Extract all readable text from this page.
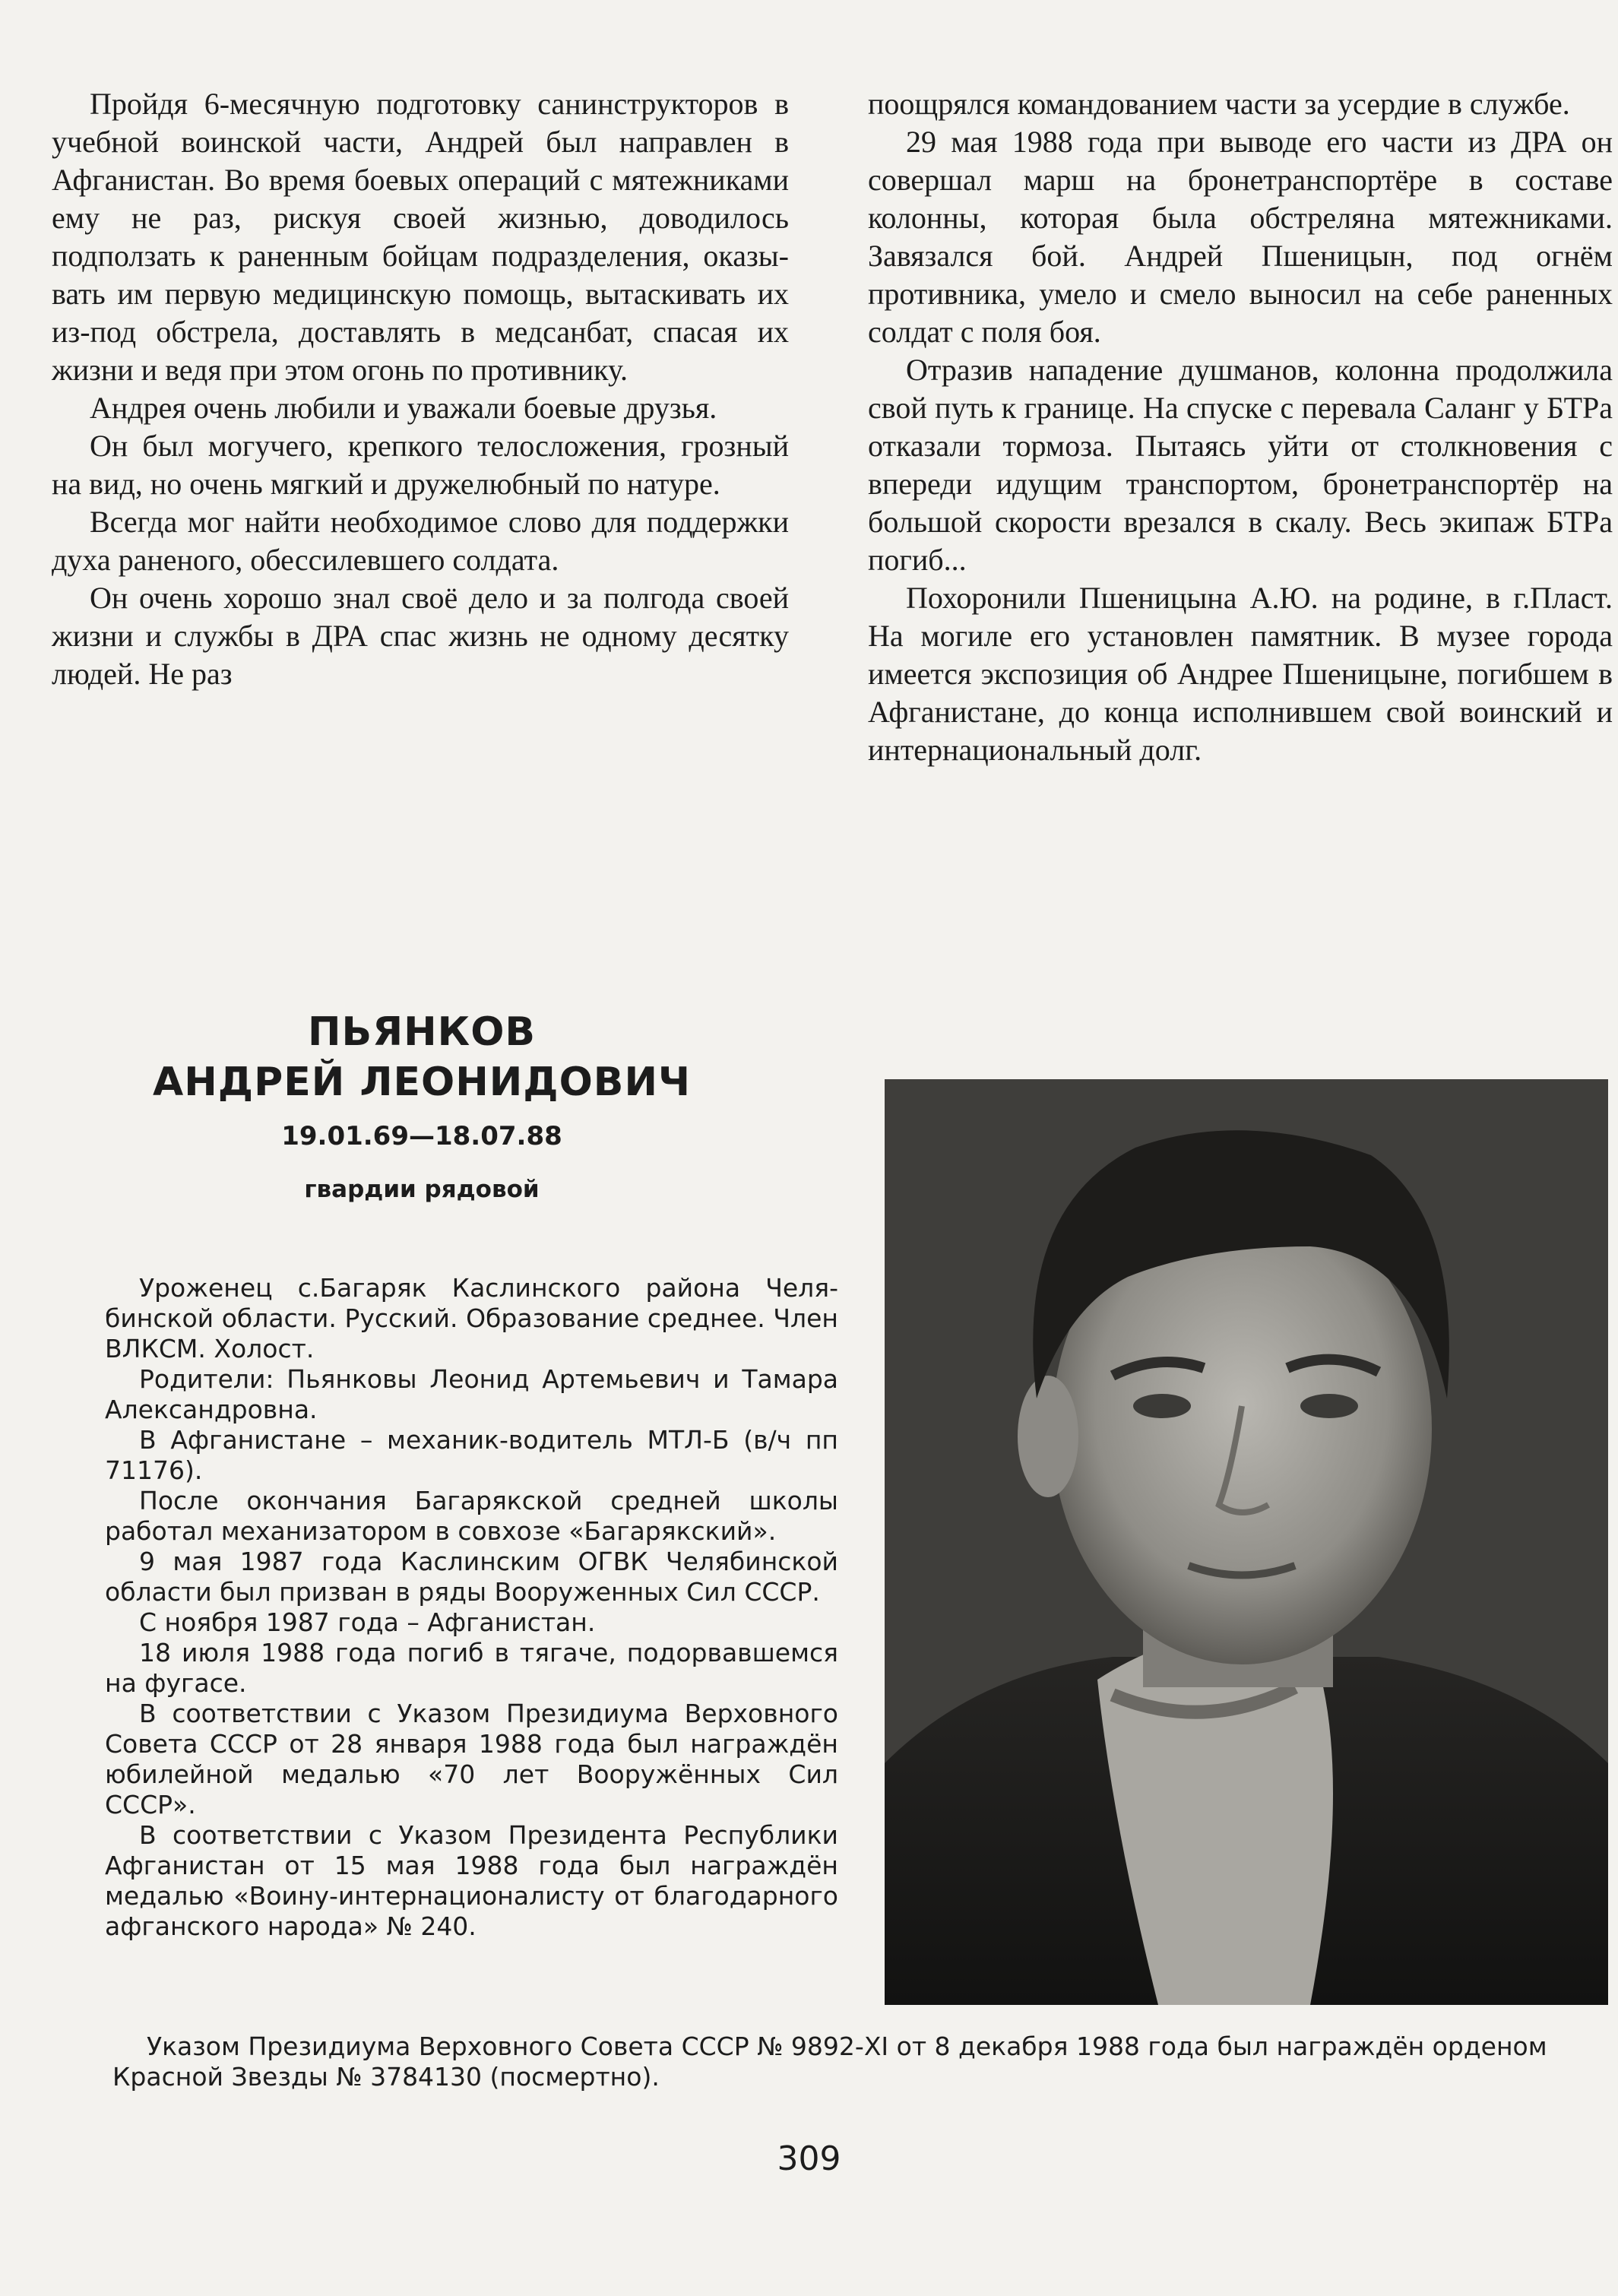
Пройдя 6-месячную подготовку санинструкторов в учебной воинской части, Андрей был направлен в Афганистан. Во время боевых операций с мятежниками ему не раз, рискуя своей жизнью, доводилось подползать к раненным бойцам подразделения, оказывать им первую медицинскую помощь, вытаскивать их из-под обстрела, доставлять в медсанбат, спасая их жизни и ведя при этом огонь по противнику.

Андрея очень любили и уважали боевые друзья.

Он был могучего, крепкого телосложения, грозный на вид, но очень мягкий и дружелюбный по натуре.

Всегда мог найти необходимое слово для поддержки духа раненого, обессилевшего солдата.

Он очень хорошо знал своё дело и за полгода своей жизни и службы в ДРА спас жизнь не одному десятку людей. Не раз

поощрялся командованием части за усердие в службе.

29 мая 1988 года при выводе его части из ДРА он совершал марш на бронетранспортёре в составе колонны, которая была обстреляна мятежниками. Завязался бой. Андрей Пшеницын, под огнём противника, умело и смело выносил на себе раненных солдат с поля боя.

Отразив нападение душманов, колонна продолжила свой путь к границе. На спуске с перевала Саланг у БТРа отказали тормоза. Пытаясь уйти от столкновения с впереди идущим транспортом, бронетранспортёр на большой скорости врезался в скалу. Весь экипаж БТРа погиб...

Похоронили Пшеницына А.Ю. на родине, в г.Пласт. На могиле его установлен памятник. В музее города имеется экспозиция об Андрее Пшеницыне, погибшем в Афганистане, до конца исполнившем свой воинский и интернациональный долг.

ПЬЯНКОВ
АНДРЕЙ ЛЕОНИДОВИЧ
19.01.69—18.07.88
гвардии рядовой

Уроженец с.Багаряк Каслинского района Челябинской области. Русский. Образование среднее. Член ВЛКСМ. Холост.

Родители: Пьянковы Леонид Артемьевич и Тамара Александровна.

В Афганистане – механик-водитель МТЛ-Б (в/ч пп 71176).

После окончания Багарякской средней школы работал механизатором в совхозе «Багарякский».

9 мая 1987 года Каслинским ОГВК Челябинской области был призван в ряды Вооруженных Сил СССР.

С ноября 1987 года – Афганистан.

18 июля 1988 года погиб в тягаче, подорвавшемся на фугасе.

В соответствии с Указом Президиума Верховного Совета СССР от 28 января 1988 года был награждён юбилейной медалью «70 лет Вооружённых Сил СССР».

В соответствии с Указом Президента Республики Афганистан от 15 мая 1988 года был награждён медалью «Воину-интернационалисту от благодарного афганского народа» № 240.

Указом Президиума Верховного Совета СССР № 9892-XI от 8 декабря 1988 года был награждён орденом Красной Звезды № 3784130 (посмертно).

309
